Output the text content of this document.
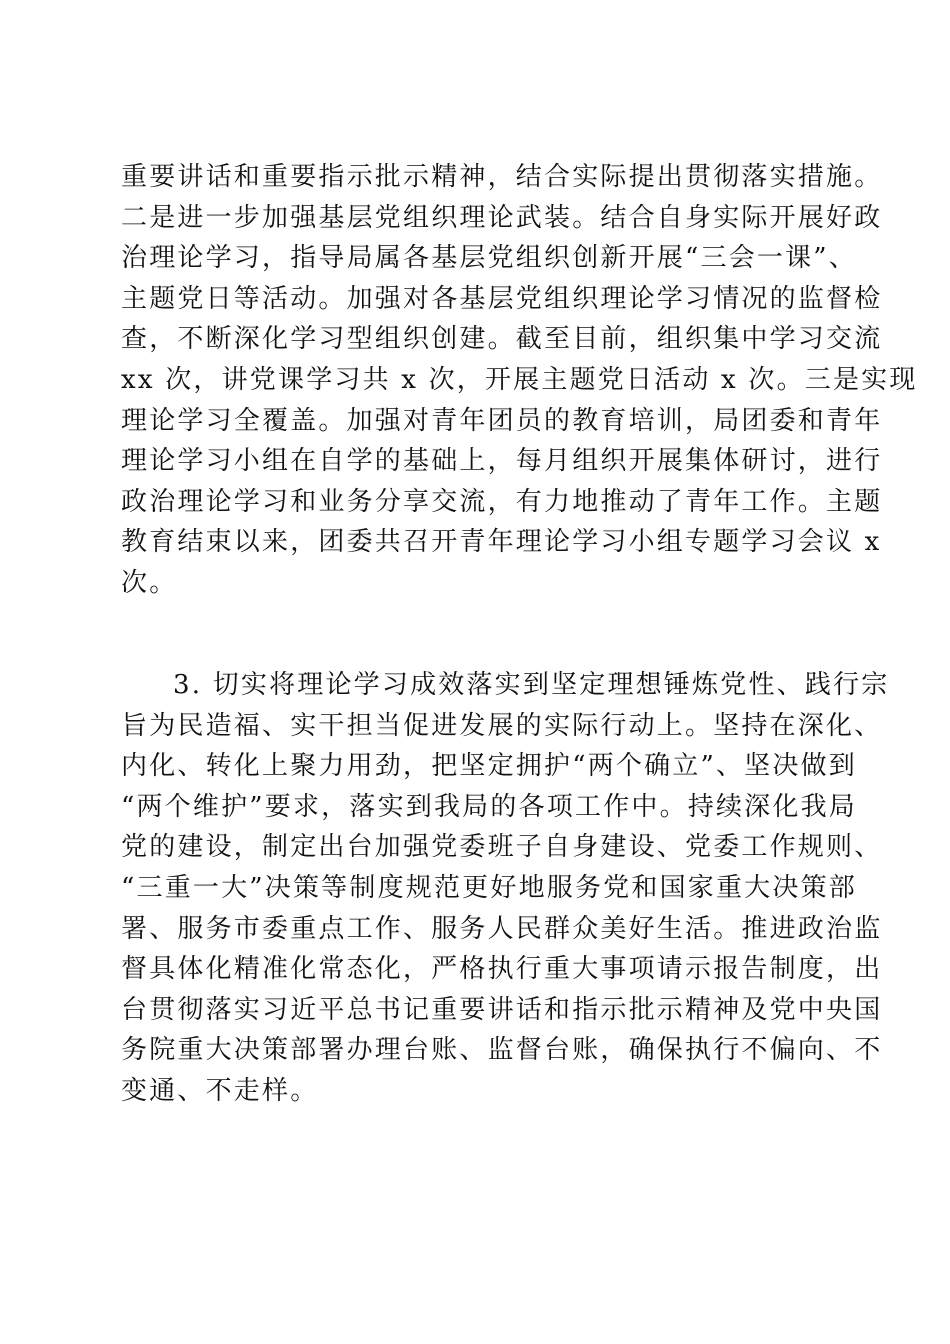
重要讲话和重要指示批示精神，结合实际提出贯彻落实措施。
二是进一步加强基层党组织理论武装。结合自身实际开展好政
治理论学习，指导局属各基层党组织创新开展“三会一课”、
主题党日等活动。加强对各基层党组织理论学习情况的监督检
查，不断深化学习型组织创建。截至目前，组织集中学习交流
xx 次，讲党课学习共 x 次，开展主题党日活动 x 次。三是实现
理论学习全覆盖。加强对青年团员的教育培训，局团委和青年
理论学习小组在自学的基础上，每月组织开展集体研讨，进行
政治理论学习和业务分享交流，有力地推动了青年工作。主题
教育结束以来，团委共召开青年理论学习小组专题学习会议 x
次。
3. 切实将理论学习成效落实到坚定理想锤炼党性、践行宗
旨为民造福、实干担当促进发展的实际行动上。坚持在深化、
内化、转化上聚力用劲，把坚定拥护“两个确立”、坚决做到
“两个维护”要求，落实到我局的各项工作中。持续深化我局
党的建设，制定出台加强党委班子自身建设、党委工作规则、
“三重一大”决策等制度规范更好地服务党和国家重大决策部
署、服务市委重点工作、服务人民群众美好生活。推进政治监
督具体化精准化常态化，严格执行重大事项请示报告制度，出
台贯彻落实习近平总书记重要讲话和指示批示精神及党中央国
务院重大决策部署办理台账、监督台账，确保执行不偏向、不
变通、不走样。
